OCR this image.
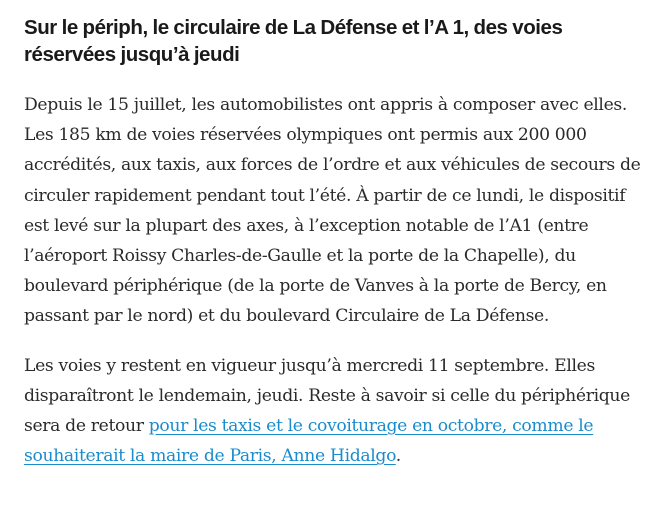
Sur le périph, le circulaire de La Défense et l’A 1, des voies réservées jusqu’à jeudi

Depuis le 15 juillet, les automobilistes ont appris à composer avec elles. Les 185 km de voies réservées olympiques ont permis aux 200 000 accrédités, aux taxis, aux forces de l’ordre et aux véhicules de secours de circuler rapidement pendant tout l’été. À partir de ce lundi, le dispositif est levé sur la plupart des axes, à l’exception notable de l’A1 (entre l’aéroport Roissy Charles-de-Gaulle et la porte de la Chapelle), du boulevard périphérique (de la porte de Vanves à la porte de Bercy, en passant par le nord) et du boulevard Circulaire de La Défense.

Les voies y restent en vigueur jusqu’à mercredi 11 septembre. Elles disparaîtront le lendemain, jeudi. Reste à savoir si celle du périphérique sera de retour pour les taxis et le covoiturage en octobre, comme le souhaiterait la maire de Paris, Anne Hidalgo.
